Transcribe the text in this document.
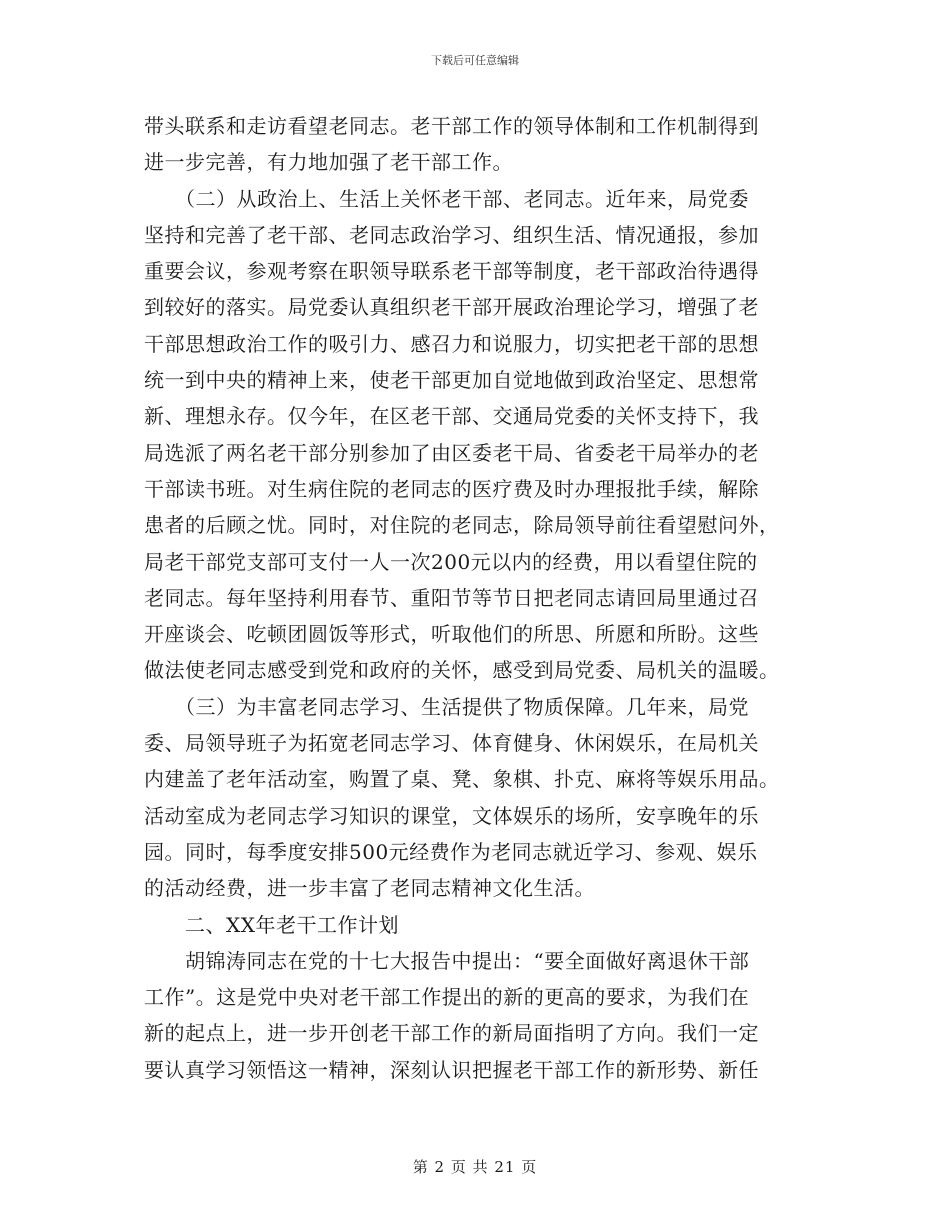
下载后可任意编辑
带头联系和走访看望老同志。老干部工作的领导体制和工作机制得到
进一步完善，有力地加强了老干部工作。
　　（二）从政治上、生活上关怀老干部、老同志。近年来，局党委
坚持和完善了老干部、老同志政治学习、组织生活、情况通报，参加
重要会议，参观考察在职领导联系老干部等制度，老干部政治待遇得
到较好的落实。局党委认真组织老干部开展政治理论学习，增强了老
干部思想政治工作的吸引力、感召力和说服力，切实把老干部的思想
统一到中央的精神上来，使老干部更加自觉地做到政治坚定、思想常
新、理想永存。仅今年，在区老干部、交通局党委的关怀支持下，我
局选派了两名老干部分别参加了由区委老干局、省委老干局举办的老
干部读书班。对生病住院的老同志的医疗费及时办理报批手续，解除
患者的后顾之忧。同时，对住院的老同志，除局领导前往看望慰问外，
局老干部党支部可支付一人一次200元以内的经费，用以看望住院的
老同志。每年坚持利用春节、重阳节等节日把老同志请回局里通过召
开座谈会、吃顿团圆饭等形式，听取他们的所思、所愿和所盼。这些
做法使老同志感受到党和政府的关怀，感受到局党委、局机关的温暖。
　　（三）为丰富老同志学习、生活提供了物质保障。几年来，局党
委、局领导班子为拓宽老同志学习、体育健身、休闲娱乐，在局机关
内建盖了老年活动室，购置了桌、凳、象棋、扑克、麻将等娱乐用品。
活动室成为老同志学习知识的课堂，文体娱乐的场所，安享晚年的乐
园。同时，每季度安排500元经费作为老同志就近学习、参观、娱乐
的活动经费，进一步丰富了老同志精神文化生活。
　　二、XX年老干工作计划
　　胡锦涛同志在党的十七大报告中提出：“要全面做好离退休干部
工作”。这是党中央对老干部工作提出的新的更高的要求，为我们在
新的起点上，进一步开创老干部工作的新局面指明了方向。我们一定
要认真学习领悟这一精神，深刻认识把握老干部工作的新形势、新任
第 2 页 共 21 页
